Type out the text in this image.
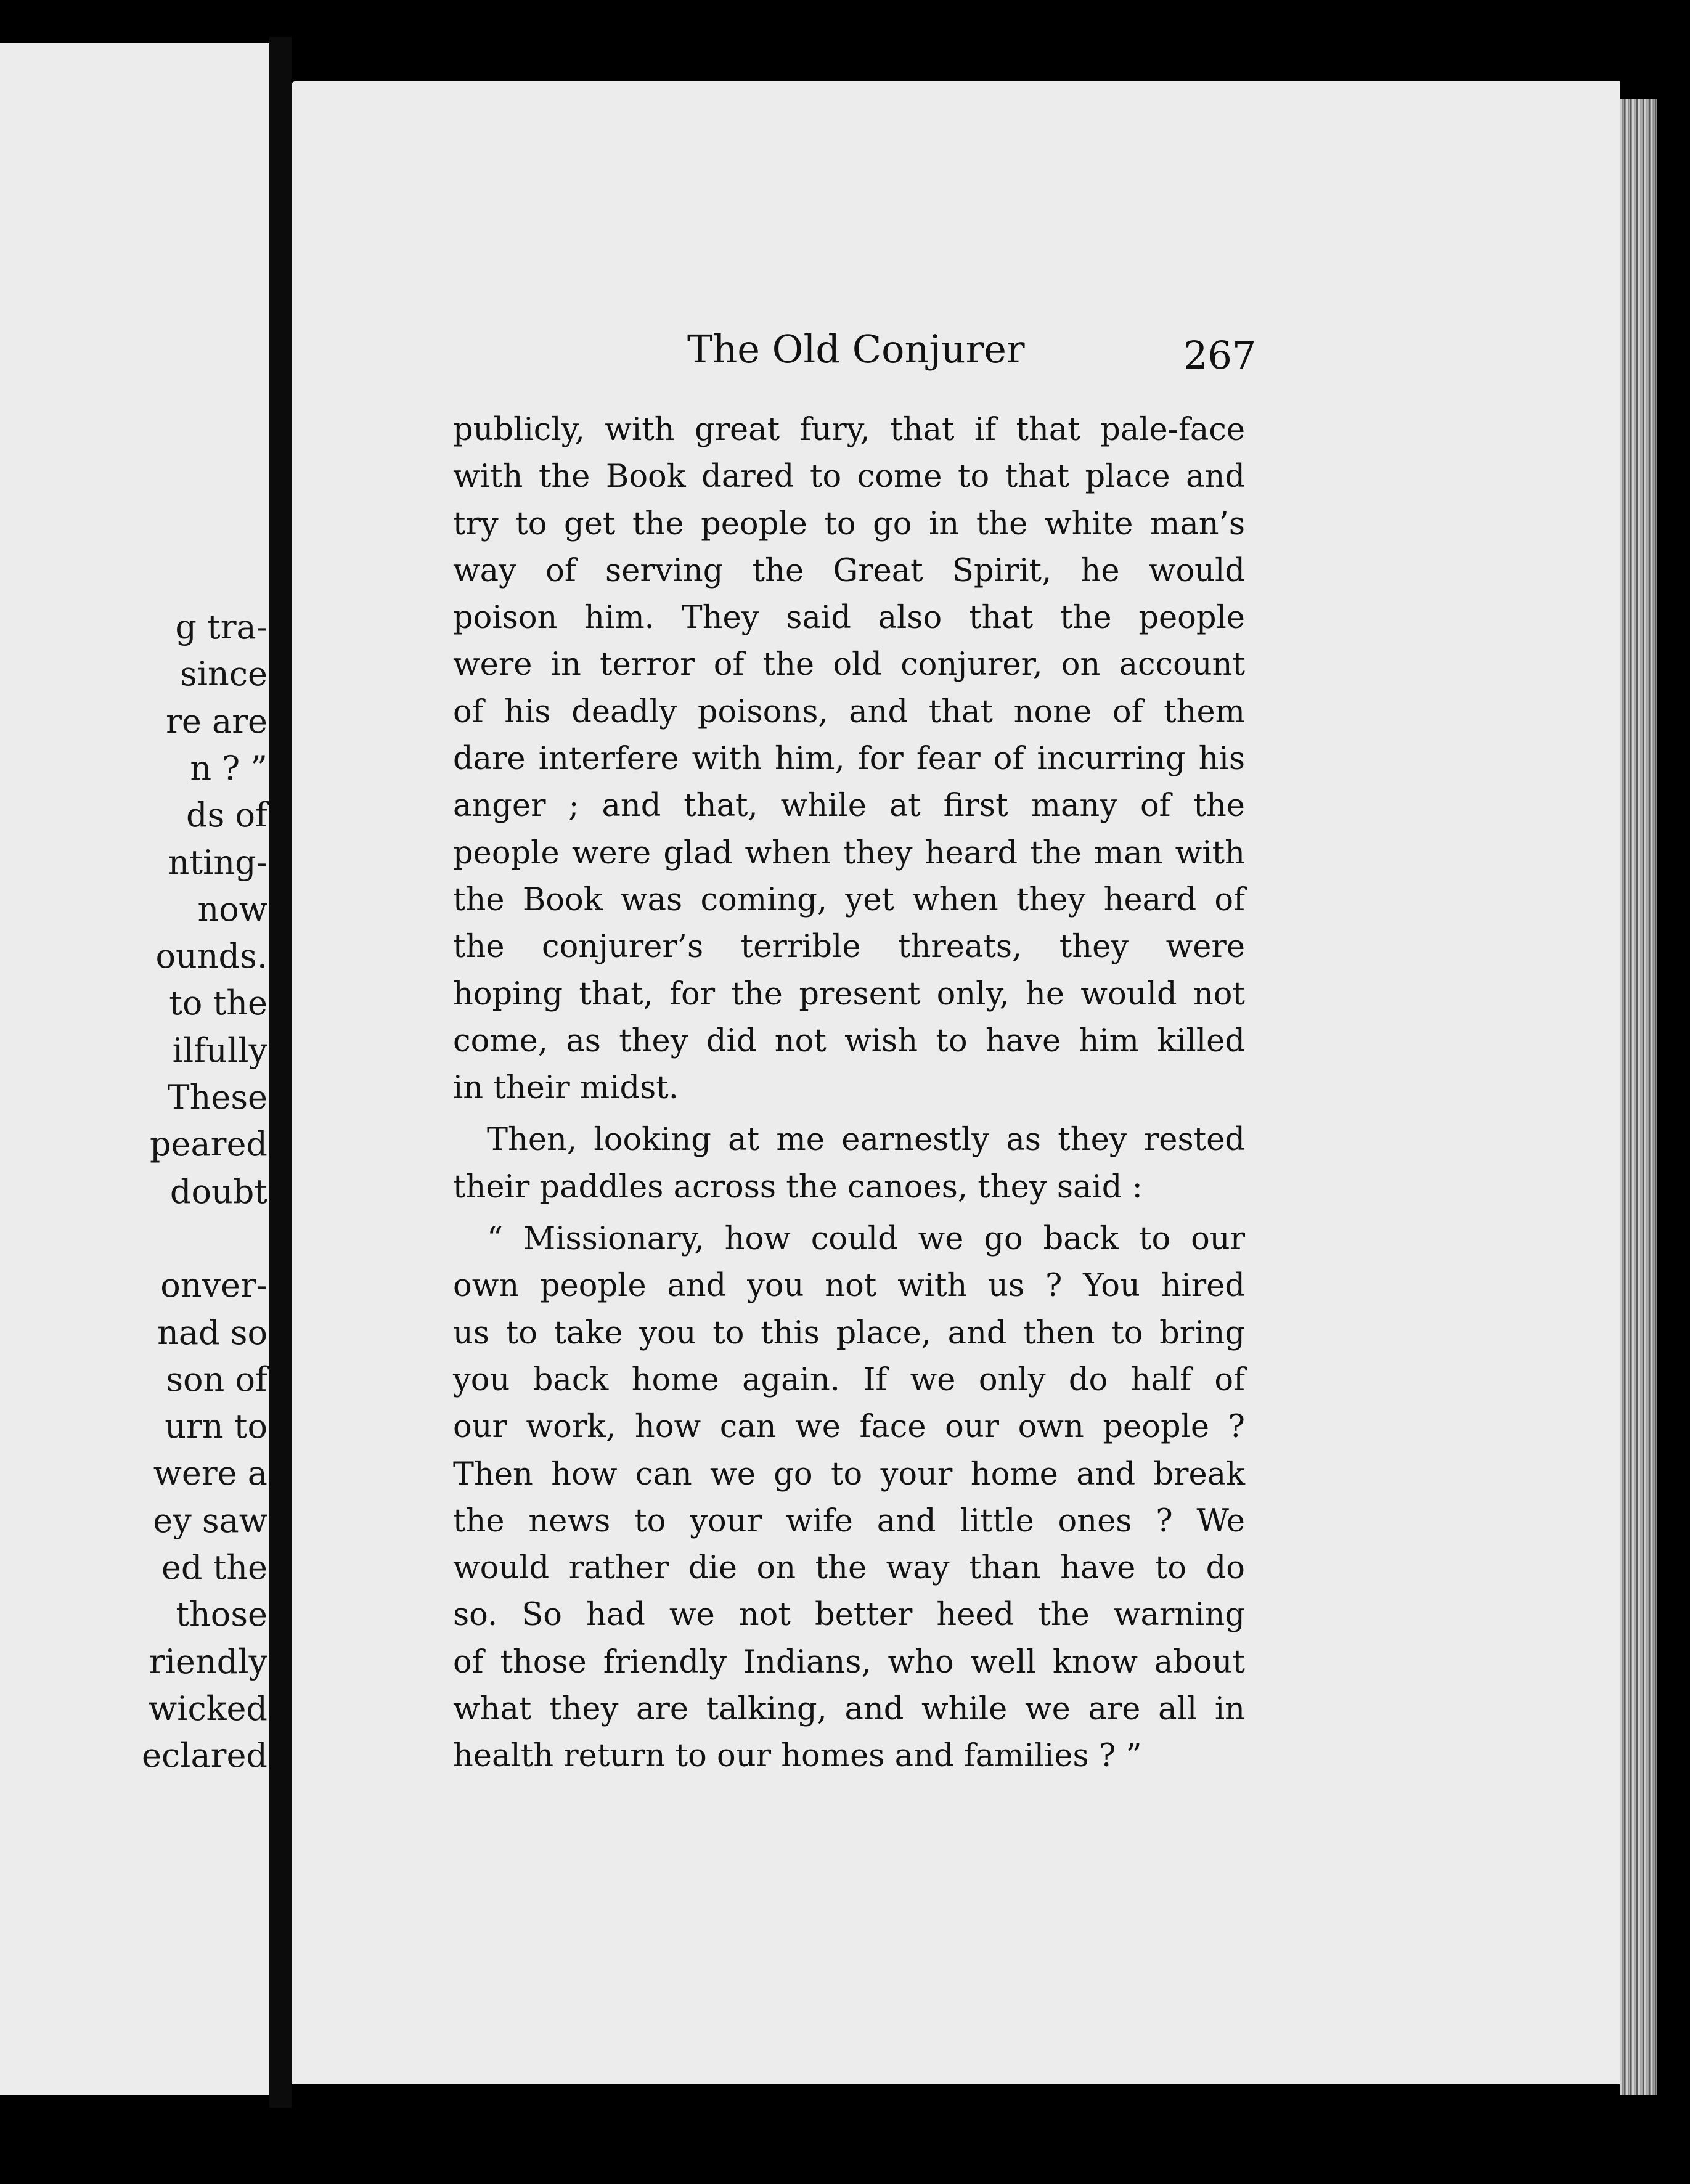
g tra-
since
re are
n ? ”
ds of
nting-
now
ounds.
to the
ilfully
These
peared
doubt
onver-
nad so
son of
urn to
were a
ey saw
ed the
those
riendly
wicked
eclared
The Old Conjurer	267
publicly, with great fury, that if that pale-face
with the Book dared to come to that place and
try to get the people to go in the white man’s
way of serving the Great Spirit, he would
poison him. They said also that the people
were in terror of the old conjurer, on account
of his deadly poisons, and that none of them
dare interfere with him, for fear of incurring his
anger ; and that, while at first many of the
people were glad when they heard the man with
the Book was coming, yet when they heard of
the conjurer’s terrible threats, they were
hoping that, for the present only, he would not
come, as they did not wish to have him killed
in their midst.
Then, looking at me earnestly as they rested
their paddles across the canoes, they said :
“ Missionary, how could we go back to our
own people and you not with us ? You hired
us to take you to this place, and then to bring
you back home again. If we only do half of
our work, how can we face our own people ?
Then how can we go to your home and break
the news to your wife and little ones ? We
would rather die on the way than have to do
so. So had we not better heed the warning
of those friendly Indians, who well know about
what they are talking, and while we are all in
health return to our homes and families ? ”
